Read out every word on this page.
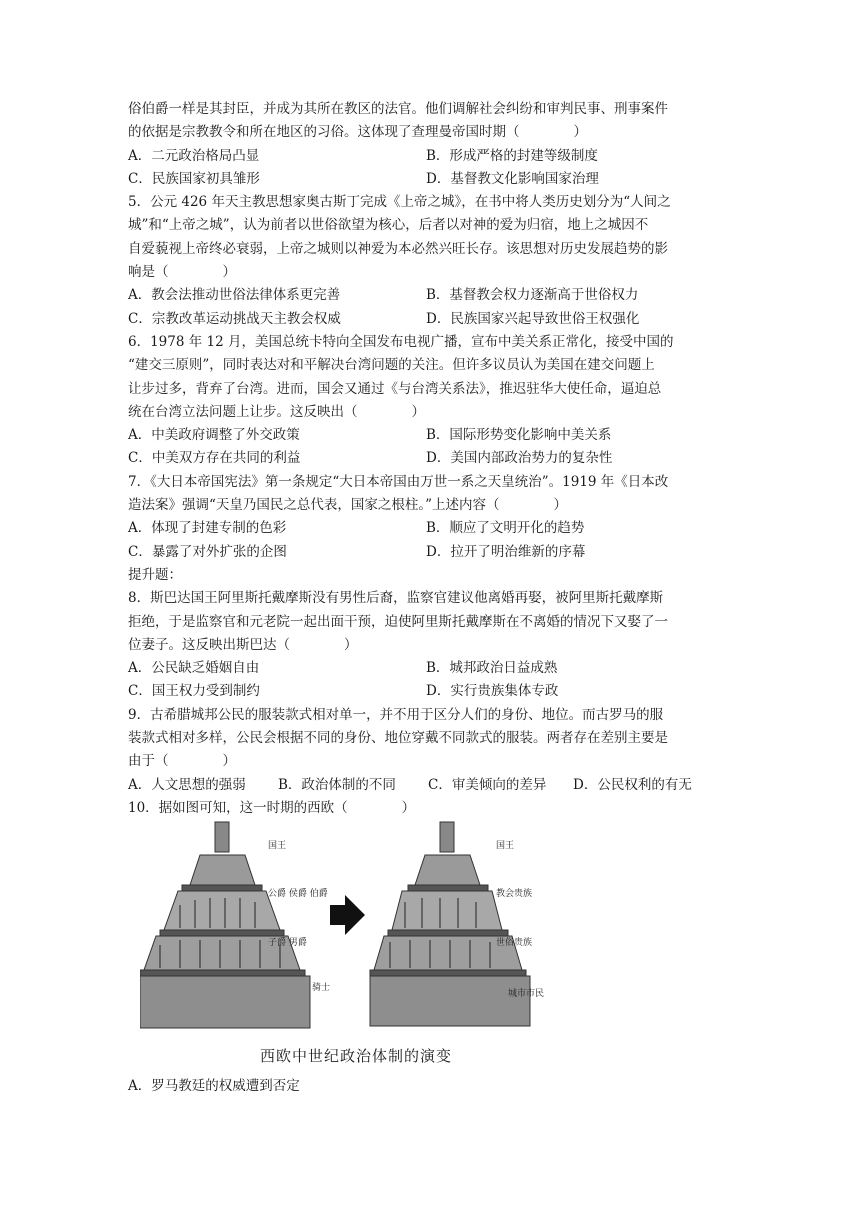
俗伯爵一样是其封臣，并成为其所在教区的法官。他们调解社会纠纷和审判民事、刑事案件
的依据是宗教教令和所在地区的习俗。这体现了查理曼帝国时期（　　　　）
A．二元政治格局凸显	B．形成严格的封建等级制度
C．民族国家初具雏形	D．基督教文化影响国家治理
5．公元 426 年天主教思想家奥古斯丁完成《上帝之城》，在书中将人类历史划分为“人间之
城”和“上帝之城”，认为前者以世俗欲望为核心，后者以对神的爱为归宿，地上之城因不
自爱藐视上帝终必衰弱，上帝之城则以神爱为本必然兴旺长存。该思想对历史发展趋势的影
响是（　　　　）
A．教会法推动世俗法律体系更完善	B．基督教会权力逐渐高于世俗权力
C．宗教改革运动挑战天主教会权威	D．民族国家兴起导致世俗王权强化
6．1978 年 12 月，美国总统卡特向全国发布电视广播，宣布中美关系正常化，接受中国的
“建交三原则”，同时表达对和平解决台湾问题的关注。但许多议员认为美国在建交问题上
让步过多，背弃了台湾。进而，国会又通过《与台湾关系法》，推迟驻华大使任命，逼迫总
统在台湾立法问题上让步。这反映出（　　　　）
A．中美政府调整了外交政策	B．国际形势变化影响中美关系
C．中美双方存在共同的利益	D．美国内部政治势力的复杂性
7．《大日本帝国宪法》第一条规定“大日本帝国由万世一系之天皇统治”。1919 年《日本改
造法案》强调“天皇乃国民之总代表，国家之根柱。”上述内容（　　　　）
A．体现了封建专制的色彩	B．顺应了文明开化的趋势
C．暴露了对外扩张的企图	D．拉开了明治维新的序幕
提升题：
8．斯巴达国王阿里斯托戴摩斯没有男性后裔，监察官建议他离婚再娶，被阿里斯托戴摩斯
拒绝，于是监察官和元老院一起出面干预，迫使阿里斯托戴摩斯在不离婚的情况下又娶了一
位妻子。这反映出斯巴达（　　　　）
A．公民缺乏婚姻自由	B．城邦政治日益成熟
C．国王权力受到制约	D．实行贵族集体专政
9．古希腊城邦公民的服装款式相对单一，并不用于区分人们的身份、地位。而古罗马的服
装款式相对多样，公民会根据不同的身份、地位穿戴不同款式的服装。两者存在差别主要是
由于（　　　　）
A．人文思想的强弱	B．政治体制的不同	C．审美倾向的差异	D．公民权利的有无
10．据如图可知，这一时期的西欧（　　　　）
国王
公爵 侯爵 伯爵
子爵 男爵
骑士
国王
教会贵族
世俗贵族
城市市民
西欧中世纪政治体制的演变
A．罗马教廷的权威遭到否定
